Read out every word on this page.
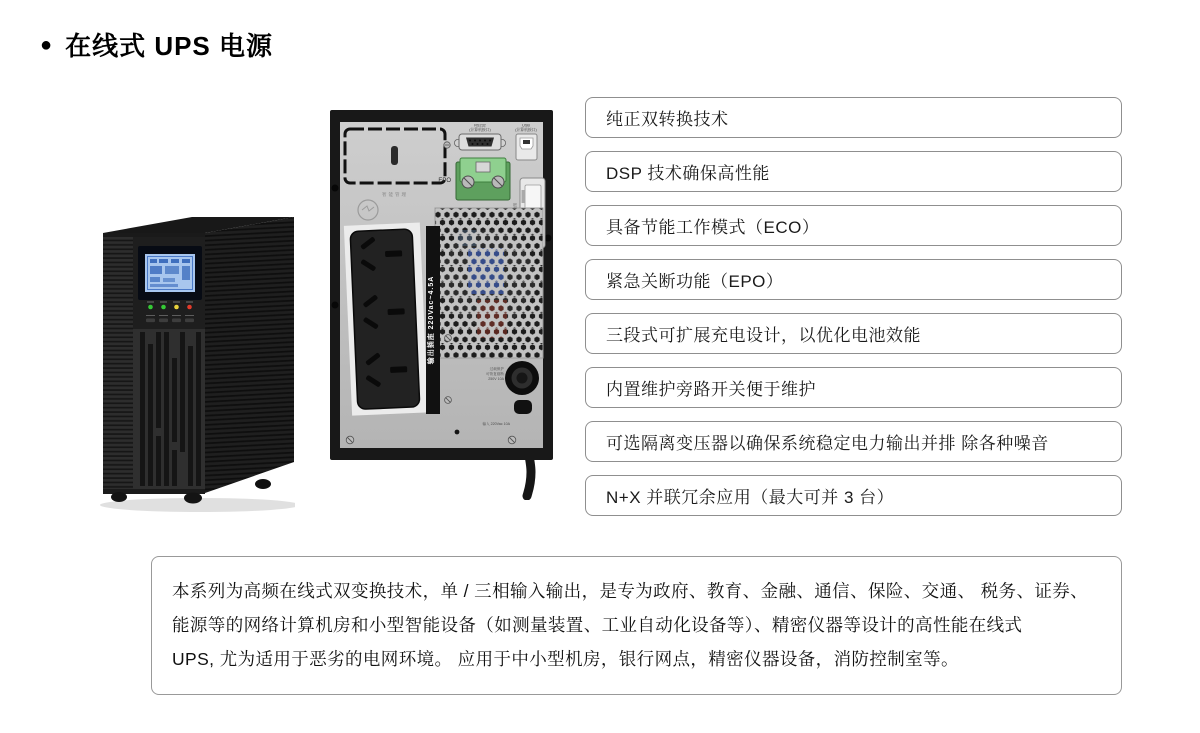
● 在线式 UPS 电源
智能管理
RS232
(计算机接口)
USB
(计算机接口)
EPO
输出插座 220Vac~4.5A
过载保护
可恢复熔断
250V 10A
输入 220Vac 10A
纯正双转换技术
DSP 技术确保高性能
具备节能工作模式（ECO）
紧急关断功能（EPO）
三段式可扩展充电设计，以优化电池效能
内置维护旁路开关便于维护
可选隔离变压器以确保系统稳定电力输出并排 除各种噪音
N+X 并联冗余应用（最大可并 3 台）
本系列为高频在线式双变换技术，单 / 三相输入输出，是专为政府、教育、金融、通信、保险、交通、 税务、证券、
能源等的网络计算机房和小型智能设备（如测量装置、工业自动化设备等）、精密仪器等设计的高性能在线式
UPS, 尤为适用于恶劣的电网环境。 应用于中小型机房，银行网点，精密仪器设备，消防控制室等。
